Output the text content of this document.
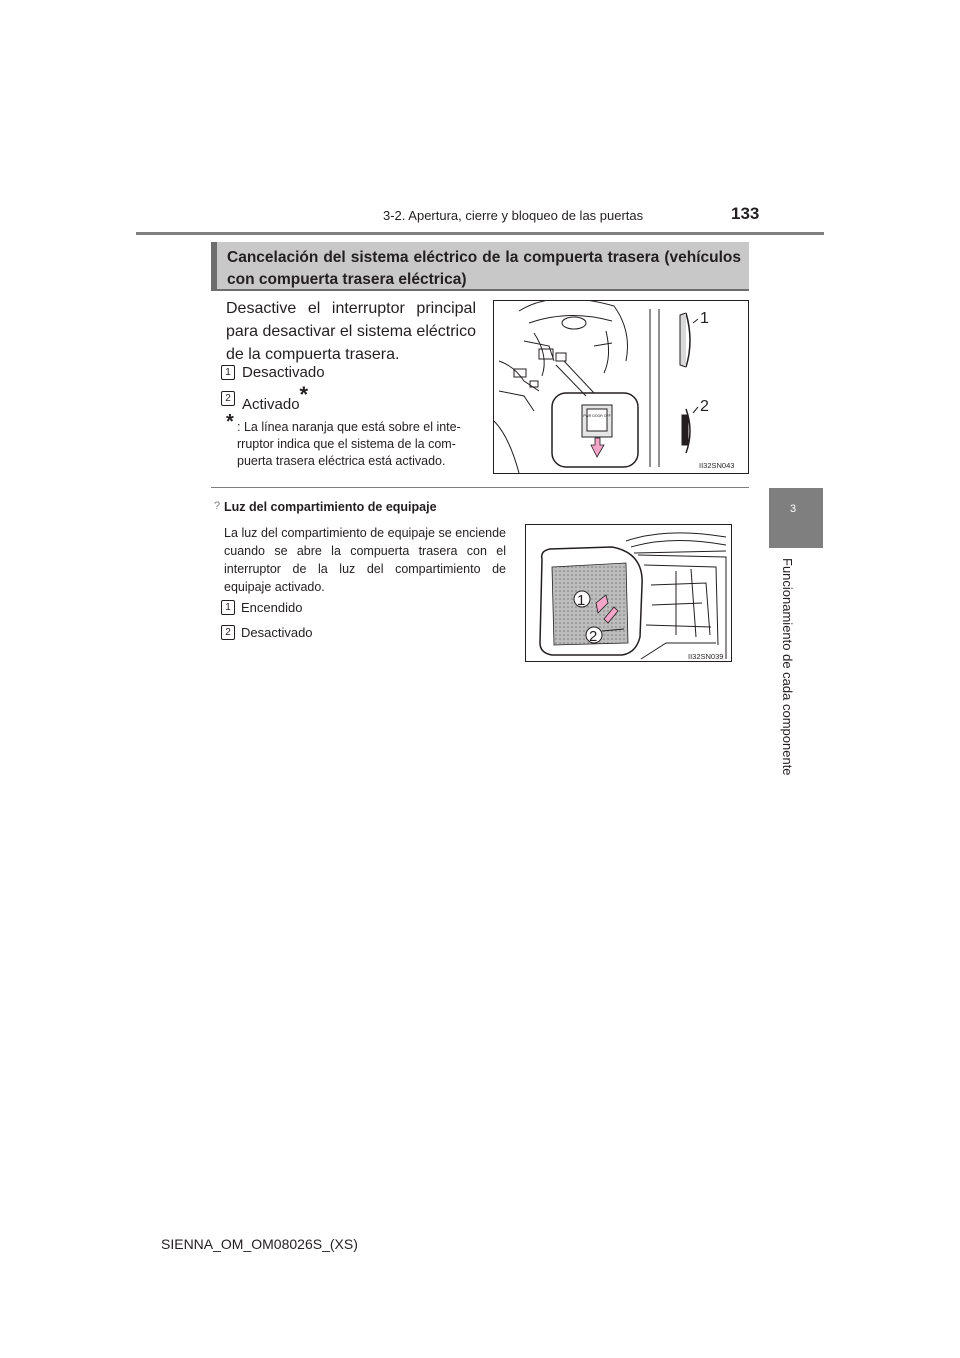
3-2. Apertura, cierre y bloqueo de las puertas	133
3
Funcionamiento de cada componente
Cancelación del sistema eléctrico de la compuerta trasera (vehículos con compuerta trasera eléctrica)
Desactive el interruptor principal para desactivar el sistema eléctrico de la compuerta trasera.
1 Desactivado
2 Activado*
* : La línea naranja que está sobre el inte- rruptor indica que el sistema de la com- puerta trasera eléctrica está activado.
PWR DOOR OFF
1
2
II32SN043
? Luz del compartimiento de equipaje
La luz del compartimiento de equipaje se enciende cuando se abre la compuerta trasera con el interruptor de la luz del compartimiento de equipaje activado.
1 Encendido
2 Desactivado
1
2
II32SN039
SIENNA_OM_OM08026S_(XS)
